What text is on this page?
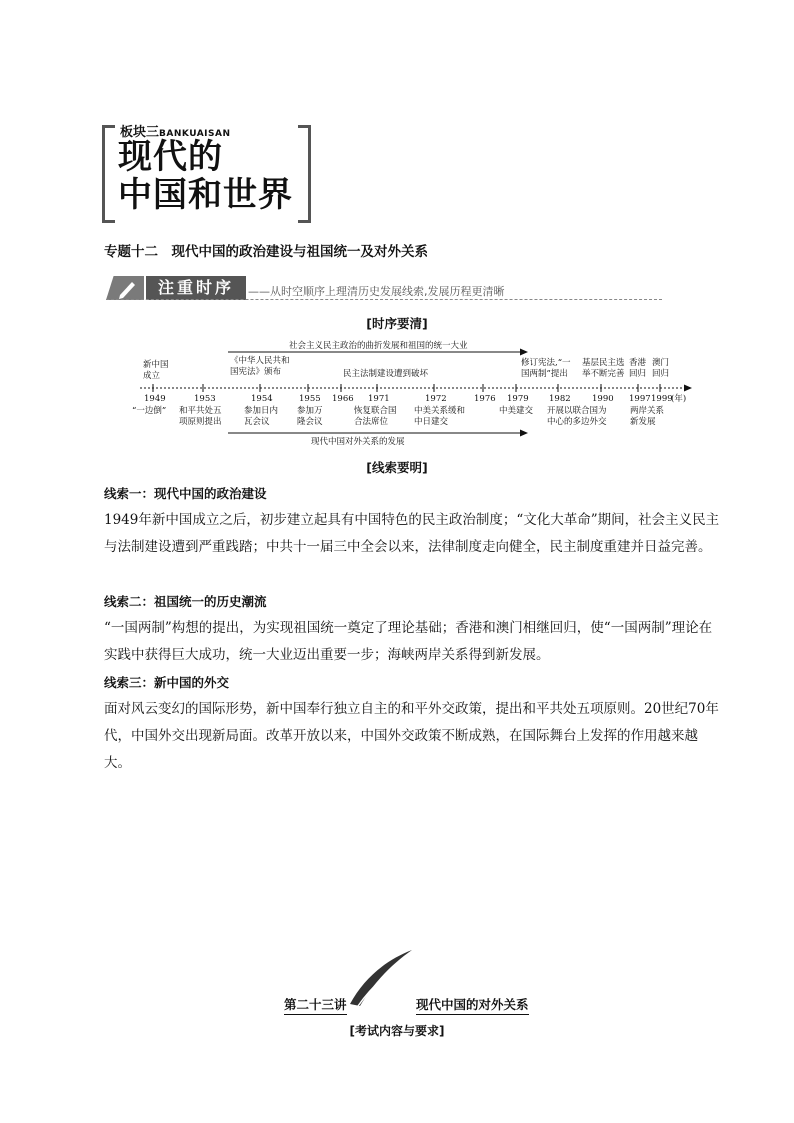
板块三BANKUAISAN
现代的
中国和世界
专题十二　现代中国的政治建设与祖国统一及对外关系
注重时序	——从时空顺序上理清历史发展线索,发展历程更清晰
[时序要清]
社会主义民主政治的曲折发展和祖国的统一大业
现代中国对外关系的发展
新中国
成立
《中华人民共和
国宪法》颁布	民主法制建设遭到破坏
修订宪法,“一
国两制”提出
基层民主选
举不断完善
香港
回归
澳门
回归
1949	1953	1954	1955 1966 1971	1972	1976 1979 1982	1990 1997 1999
(年)
“一边倒” 和平共处五
项原则提出
参加日内
瓦会议
参加万
隆会议
恢复联合国
合法席位
中美关系缓和
中日建交
中美建交 开展以联合国为
中心的多边外交
两岸关系
新发展
[线索要明]
线索一：现代中国的政治建设
1949年新中国成立之后，初步建立起具有中国特色的民主政治制度；“文化大革命”期间，社会主义民主与法制建设遭到严重践踏；中共十一届三中全会以来，法律制度走向健全，民主制度重建并日益完善。
线索二：祖国统一的历史潮流
“一国两制”构想的提出，为实现祖国统一奠定了理论基础；香港和澳门相继回归，使“一国两制”理论在实践中获得巨大成功，统一大业迈出重要一步；海峡两岸关系得到新发展。
线索三：新中国的外交
面对风云变幻的国际形势，新中国奉行独立自主的和平外交政策，提出和平共处五项原则。20世纪70年代，中国外交出现新局面。改革开放以来，中国外交政策不断成熟，在国际舞台上发挥的作用越来越大。
第二十三讲	现代中国的对外关系
[考试内容与要求]
